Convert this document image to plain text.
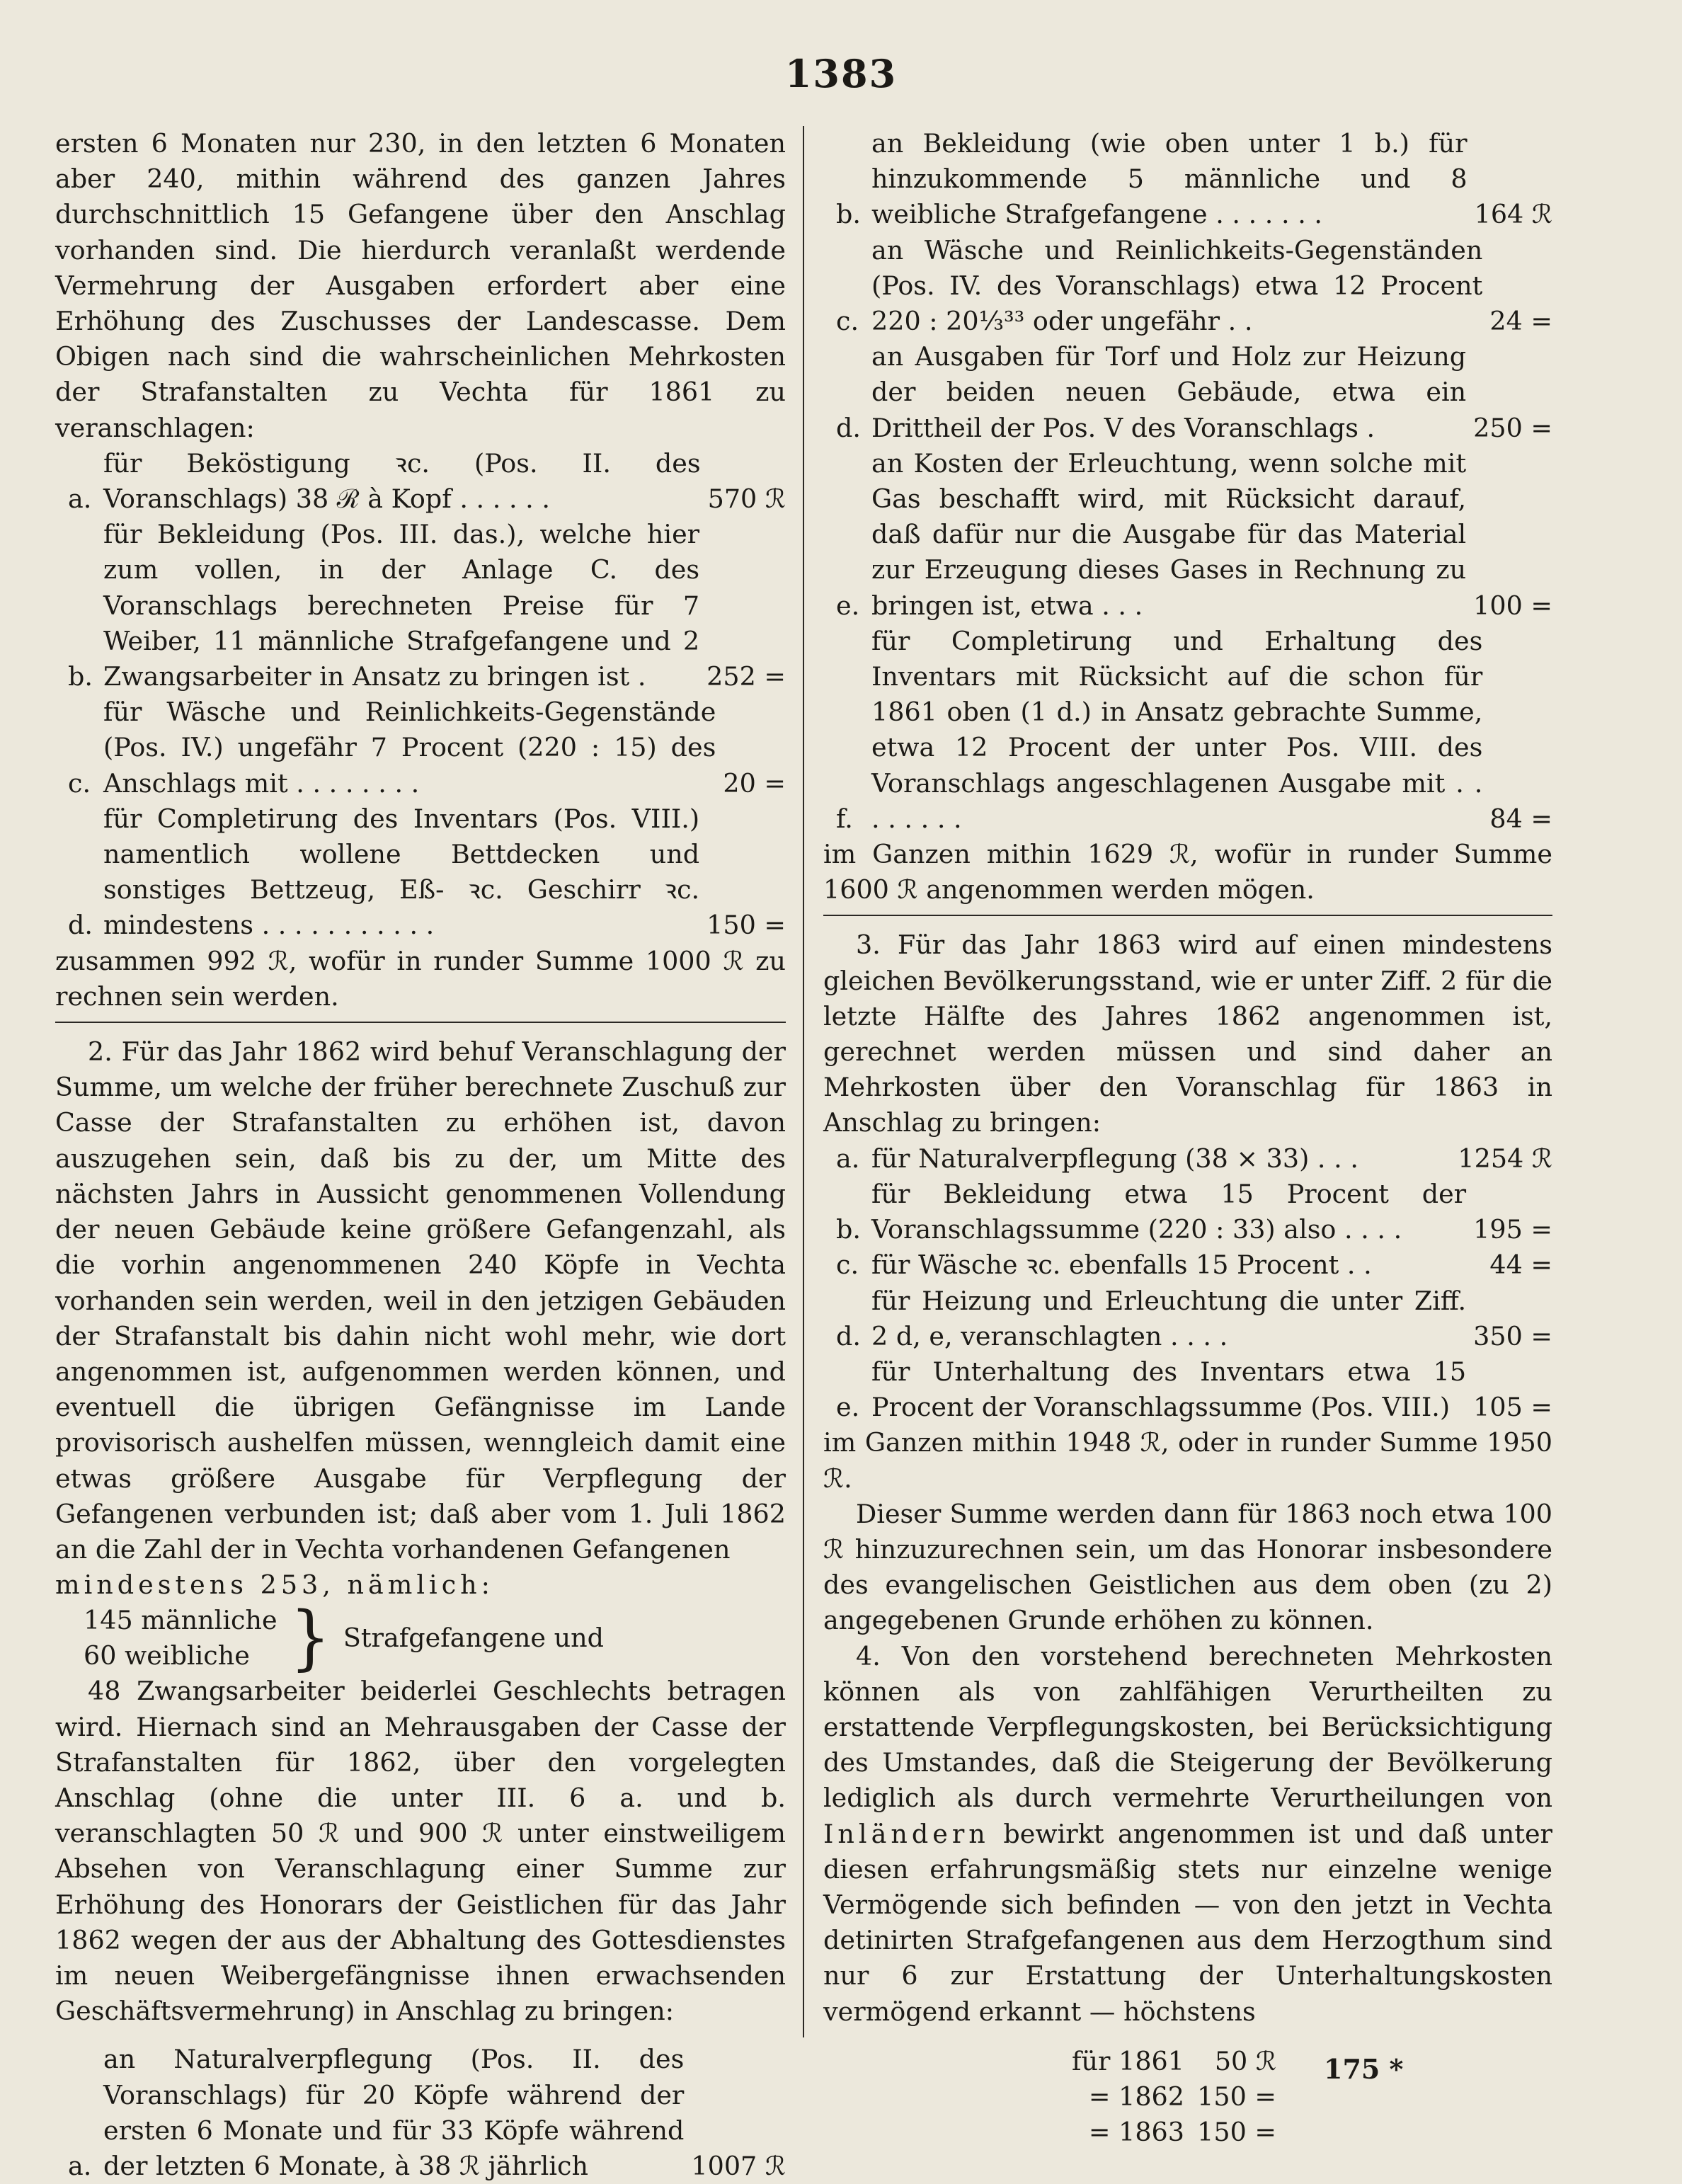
1383

ersten 6 Monaten nur 230, in den letzten 6 Monaten aber 240, mithin während des ganzen Jahres durchschnittlich 15 Gefangene über den Anschlag vorhanden sind. Die hierdurch veranlaßt werdende Vermehrung der Ausgaben erfordert aber eine Erhöhung des Zuschusses der Landescasse. Dem Obigen nach sind die wahrscheinlichen Mehrkosten der Strafanstalten zu Vechta für 1861 zu veranschlagen:

a.
für Beköstigung ꝛc. (Pos. II. des Voranschlags) 38 ℛ à Kopf . . . . . .	570 ℛ
b.
für Bekleidung (Pos. III. das.), welche hier zum vollen, in der Anlage C. des Voranschlags berechneten Preise für 7 Weiber, 11 männliche Strafgefangene und 2 Zwangsarbeiter in Ansatz zu bringen ist .	252 =
c.
für Wäsche und Reinlichkeits-Gegenstände (Pos. IV.) ungefähr 7 Procent (220 : 15) des Anschlags mit . . . . . . . .	20 =
d.
für Completirung des Inventars (Pos. VIII.) namentlich wollene Bettdecken und sonstiges Bettzeug, Eß- ꝛc. Geschirr ꝛc. mindestens . . . . . . . . . . .	150 =

zusammen 992 ℛ, wofür in runder Summe 1000 ℛ zu rechnen sein werden.

2. Für das Jahr 1862 wird behuf Veranschlagung der Summe, um welche der früher berechnete Zuschuß zur Casse der Strafanstalten zu erhöhen ist, davon auszugehen sein, daß bis zu der, um Mitte des nächsten Jahrs in Aussicht genommenen Vollendung der neuen Gebäude keine größere Gefangenzahl, als die vorhin angenommenen 240 Köpfe in Vechta vorhanden sein werden, weil in den jetzigen Gebäuden der Strafanstalt bis dahin nicht wohl mehr, wie dort angenommen ist, aufgenommen werden können, und eventuell die übrigen Gefängnisse im Lande provisorisch aushelfen müssen, wenngleich damit eine etwas größere Ausgabe für Verpflegung der Gefangenen verbunden ist; daß aber vom 1. Juli 1862 an die Zahl der in Vechta vorhandenen Gefangenen

mindestens 253, nämlich:

145 männliche
60 weibliche } Strafgefangene und

48 Zwangsarbeiter beiderlei Geschlechts betragen wird. Hiernach sind an Mehrausgaben der Casse der Strafanstalten für 1862, über den vorgelegten Anschlag (ohne die unter III. 6 a. und b. veranschlagten 50 ℛ und 900 ℛ unter einstweiligem Absehen von Veranschlagung einer Summe zur Erhöhung des Honorars der Geistlichen für das Jahr 1862 wegen der aus der Abhaltung des Gottesdienstes im neuen Weibergefängnisse ihnen erwachsenden Geschäftsvermehrung) in Anschlag zu bringen:

a.
an Naturalverpflegung (Pos. II. des Voranschlags) für 20 Köpfe während der ersten 6 Monate und für 33 Köpfe während der letzten 6 Monate, à 38 ℛ jährlich	1007 ℛ
b.
an Bekleidung (wie oben unter 1 b.) für hinzukommende 5 männliche und 8 weibliche Strafgefangene . . . . . . .	164 ℛ
c.
an Wäsche und Reinlichkeits-Gegenständen (Pos. IV. des Voranschlags) etwa 12 Procent 220 : 20⅓³³ oder ungefähr . .	24 =
d.
an Ausgaben für Torf und Holz zur Heizung der beiden neuen Gebäude, etwa ein Drittheil der Pos. V des Voranschlags .	250 =
e.
an Kosten der Erleuchtung, wenn solche mit Gas beschafft wird, mit Rücksicht darauf, daß dafür nur die Ausgabe für das Material zur Erzeugung dieses Gases in Rechnung zu bringen ist, etwa . . .	100 =
f.
für Completirung und Erhaltung des Inventars mit Rücksicht auf die schon für 1861 oben (1 d.) in Ansatz gebrachte Summe, etwa 12 Procent der unter Pos. VIII. des Voranschlags angeschlagenen Ausgabe mit . . . . . . . .	84 =

im Ganzen mithin 1629 ℛ, wofür in runder Summe 1600 ℛ angenommen werden mögen.

3. Für das Jahr 1863 wird auf einen mindestens gleichen Bevölkerungsstand, wie er unter Ziff. 2 für die letzte Hälfte des Jahres 1862 angenommen ist, gerechnet werden müssen und sind daher an Mehrkosten über den Voranschlag für 1863 in Anschlag zu bringen:

a. für Naturalverpflegung (38 × 33) . . .	1254 ℛ
b.
für Bekleidung etwa 15 Procent der Voranschlagssumme (220 : 33) also . . . .	195 =
c. für Wäsche ꝛc. ebenfalls 15 Procent . .	44 =
d.
für Heizung und Erleuchtung die unter Ziff. 2 d, e, veranschlagten . . . .	350 =
e.
für Unterhaltung des Inventars etwa 15 Procent der Voranschlagssumme (Pos. VIII.) 105 =

im Ganzen mithin 1948 ℛ, oder in runder Summe 1950 ℛ.

Dieser Summe werden dann für 1863 noch etwa 100 ℛ hinzuzurechnen sein, um das Honorar insbesondere des evangelischen Geistlichen aus dem oben (zu 2) angegebenen Grunde erhöhen zu können.

4. Von den vorstehend berechneten Mehrkosten können als von zahlfähigen Verurtheilten zu erstattende Verpflegungskosten, bei Berücksichtigung des Umstandes, daß die Steigerung der Bevölkerung lediglich als durch vermehrte Verurtheilungen von Inländern bewirkt angenommen ist und daß unter diesen erfahrungsmäßig stets nur einzelne wenige Vermögende sich befinden — von den jetzt in Vechta detinirten Strafgefangenen aus dem Herzogthum sind nur 6 zur Erstattung der Unterhaltungskosten vermögend erkannt — höchstens

für 1861	50 ℛ
= 1862 150 =
= 1863 150 =
175 *
